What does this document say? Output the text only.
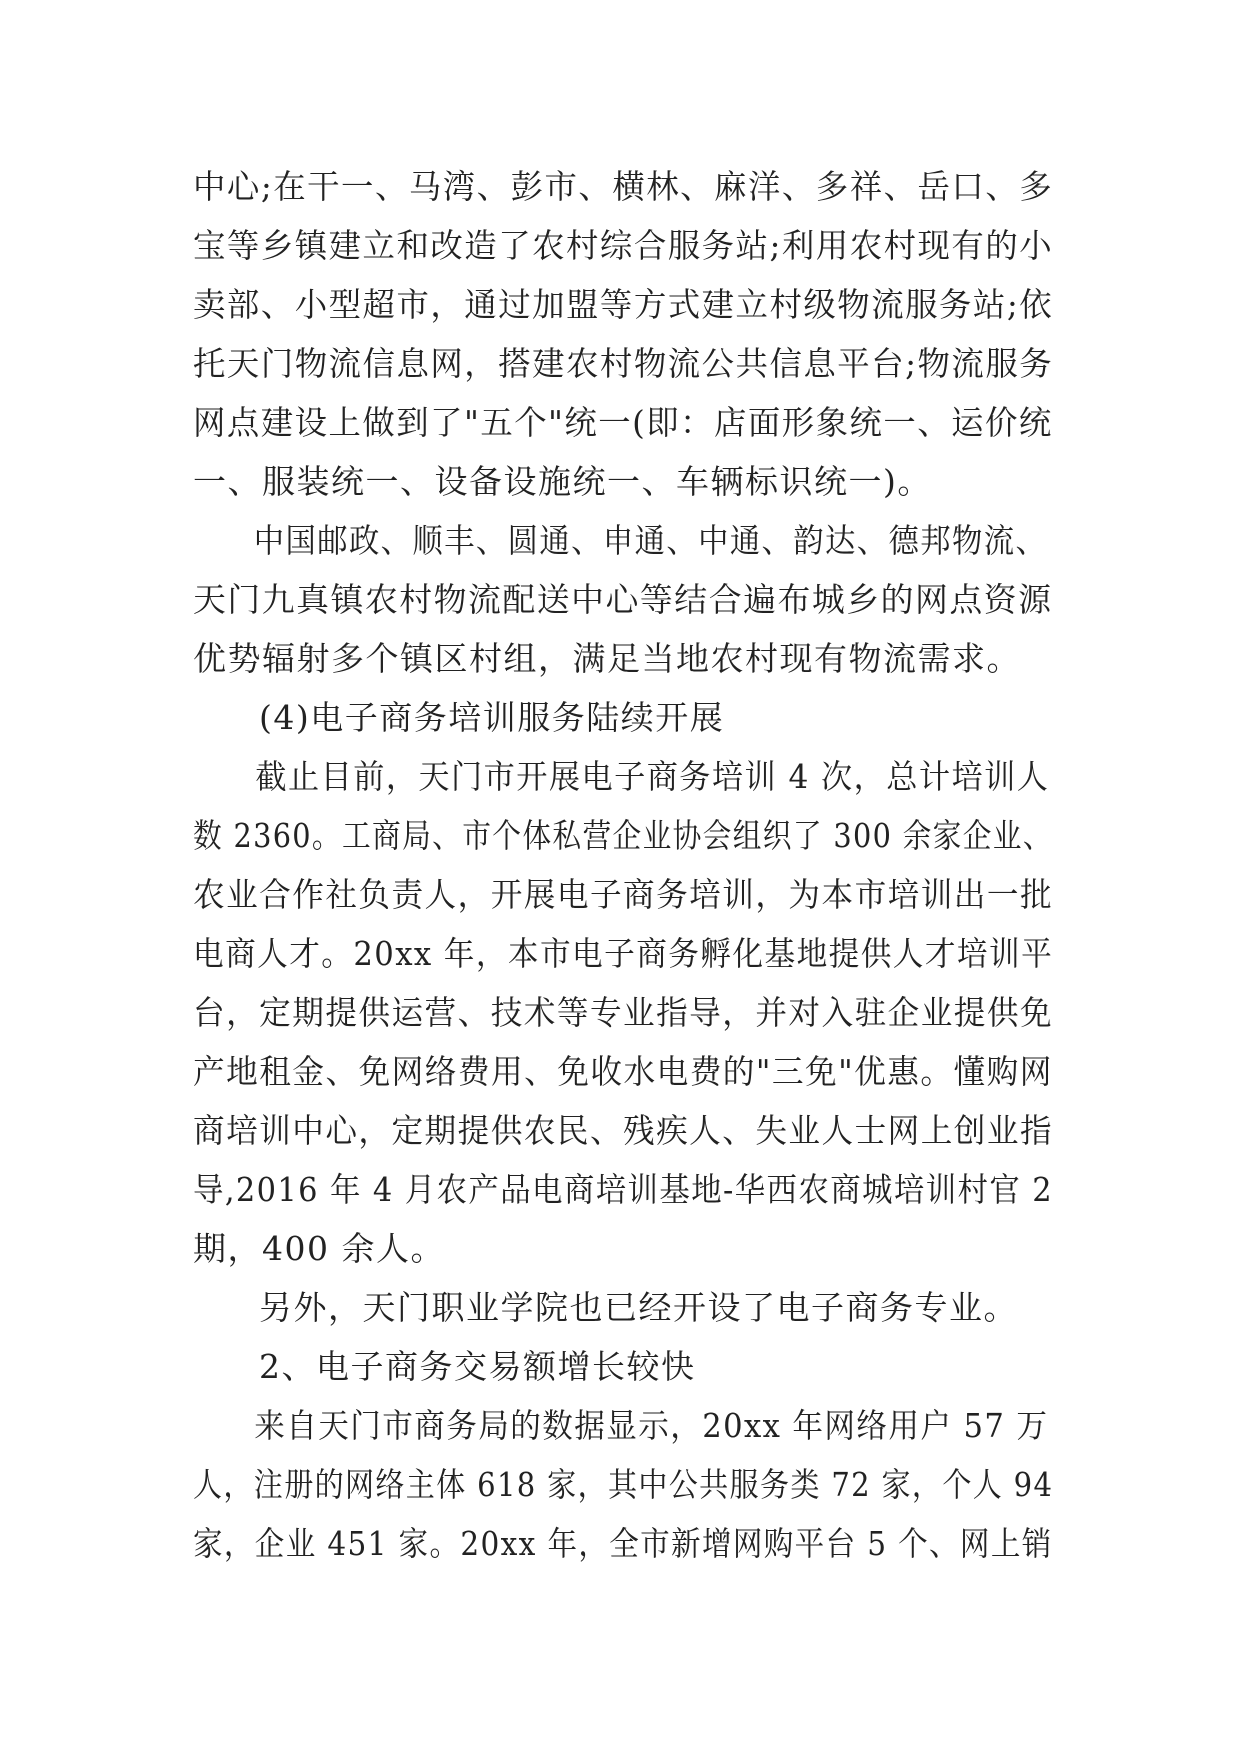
中心;在干一、马湾、彭市、横林、麻洋、多祥、岳口、多
宝等乡镇建立和改造了农村综合服务站;利用农村现有的小
卖部、小型超市，通过加盟等方式建立村级物流服务站;依
托天门物流信息网，搭建农村物流公共信息平台;物流服务
网点建设上做到了"五个"统一(即：店面形象统一、运价统
一、服装统一、设备设施统一、车辆标识统一)。
中国邮政、顺丰、圆通、申通、中通、韵达、德邦物流、
天门九真镇农村物流配送中心等结合遍布城乡的网点资源
优势辐射多个镇区村组，满足当地农村现有物流需求。
(4)电子商务培训服务陆续开展
截止目前，天门市开展电子商务培训 4 次，总计培训人
数 2360。工商局、市个体私营企业协会组织了 300 余家企业、
农业合作社负责人，开展电子商务培训，为本市培训出一批
电商人才。20xx 年，本市电子商务孵化基地提供人才培训平
台，定期提供运营、技术等专业指导，并对入驻企业提供免
产地租金、免网络费用、免收水电费的"三免"优惠。懂购网
商培训中心，定期提供农民、残疾人、失业人士网上创业指
导,2016 年 4 月农产品电商培训基地-华西农商城培训村官 2
期，400 余人。
另外，天门职业学院也已经开设了电子商务专业。
2、电子商务交易额增长较快
来自天门市商务局的数据显示，20xx 年网络用户 57 万
人，注册的网络主体 618 家，其中公共服务类 72 家，个人 94
家，企业 451 家。20xx 年，全市新增网购平台 5 个、网上销
